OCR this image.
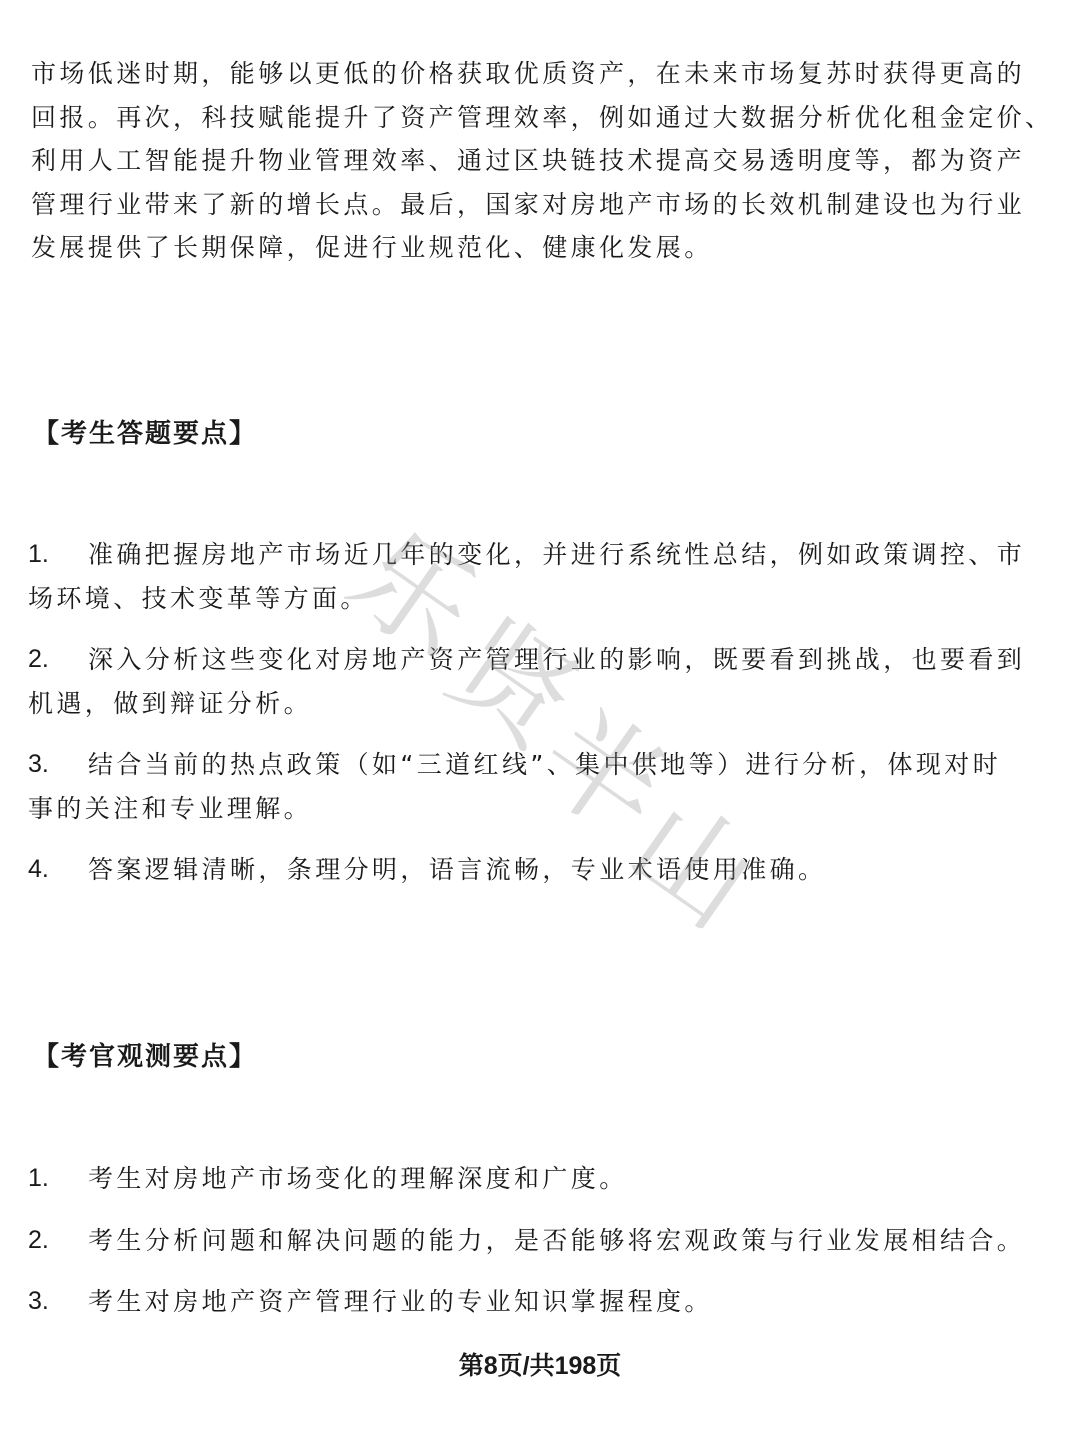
市场低迷时期，能够以更低的价格获取优质资产，在未来市场复苏时获得更高的
回报。再次，科技赋能提升了资产管理效率，例如通过大数据分析优化租金定价、
利用人工智能提升物业管理效率、通过区块链技术提高交易透明度等，都为资产
管理行业带来了新的增长点。最后，国家对房地产市场的长效机制建设也为行业
发展提供了长期保障，促进行业规范化、健康化发展。
【考生答题要点】
1.	准确把握房地产市场近几年的变化，并进行系统性总结，例如政策调控、市
场环境、技术变革等方面。
2.	深入分析这些变化对房地产资产管理行业的影响，既要看到挑战，也要看到
机遇，做到辩证分析。
3.	结合当前的热点政策（如“三道红线”、集中供地等）进行分析，体现对时
事的关注和专业理解。
4.	答案逻辑清晰，条理分明，语言流畅，专业术语使用准确。
【考官观测要点】
1.	考生对房地产市场变化的理解深度和广度。
2.	考生分析问题和解决问题的能力，是否能够将宏观政策与行业发展相结合。
3.	考生对房地产资产管理行业的专业知识掌握程度。
乐
贤
半
山
第8页/共198页
